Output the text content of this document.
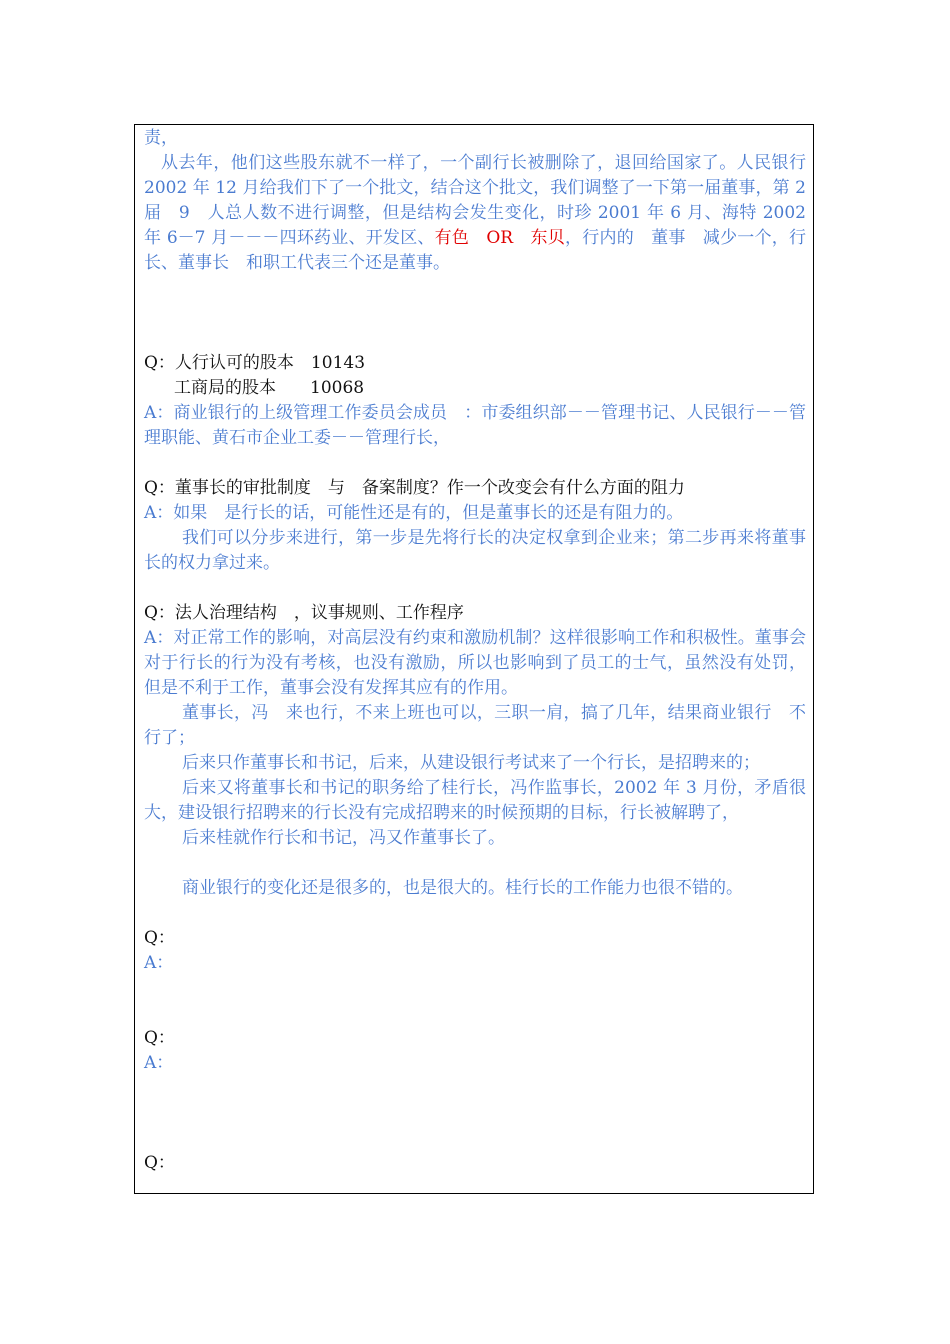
责，

从去年，他们这些股东就不一样了，一个副行长被删除了，退回给国家了。人民银行 2002 年 12 月给我们下了一个批文，结合这个批文，我们调整了一下第一届董事，第 2 届　9　人总人数不进行调整，但是结构会发生变化，时珍 2001 年 6 月、海特 2002 年 6－7 月－－－四环药业、开发区、有色　OR　东贝，行内的　董事　减少一个，行长、董事长　和职工代表三个还是董事。

Q：人行认可的股本　10143

工商局的股本　　10068

A：商业银行的上级管理工作委员会成员　：市委组织部－－管理书记、人民银行－－管理职能、黄石市企业工委－－管理行长，

Q：董事长的审批制度　与　备案制度？作一个改变会有什么方面的阻力

A：如果　是行长的话，可能性还是有的，但是董事长的还是有阻力的。

我们可以分步来进行，第一步是先将行长的决定权拿到企业来；第二步再来将董事长的权力拿过来。

Q：法人治理结构　，议事规则、工作程序

A：对正常工作的影响，对高层没有约束和激励机制？这样很影响工作和积极性。董事会对于行长的行为没有考核，也没有激励，所以也影响到了员工的士气，虽然没有处罚，但是不利于工作，董事会没有发挥其应有的作用。

董事长，冯　来也行，不来上班也可以，三职一肩，搞了几年，结果商业银行　不行了；

后来只作董事长和书记，后来，从建设银行考试来了一个行长，是招聘来的；

后来又将董事长和书记的职务给了桂行长，冯作监事长，2002 年 3 月份，矛盾很大，建设银行招聘来的行长没有完成招聘来的时候预期的目标，行长被解聘了，

后来桂就作行长和书记，冯又作董事长了。

商业银行的变化还是很多的，也是很大的。桂行长的工作能力也很不错的。

Q：

A：

Q：

A：

Q：
